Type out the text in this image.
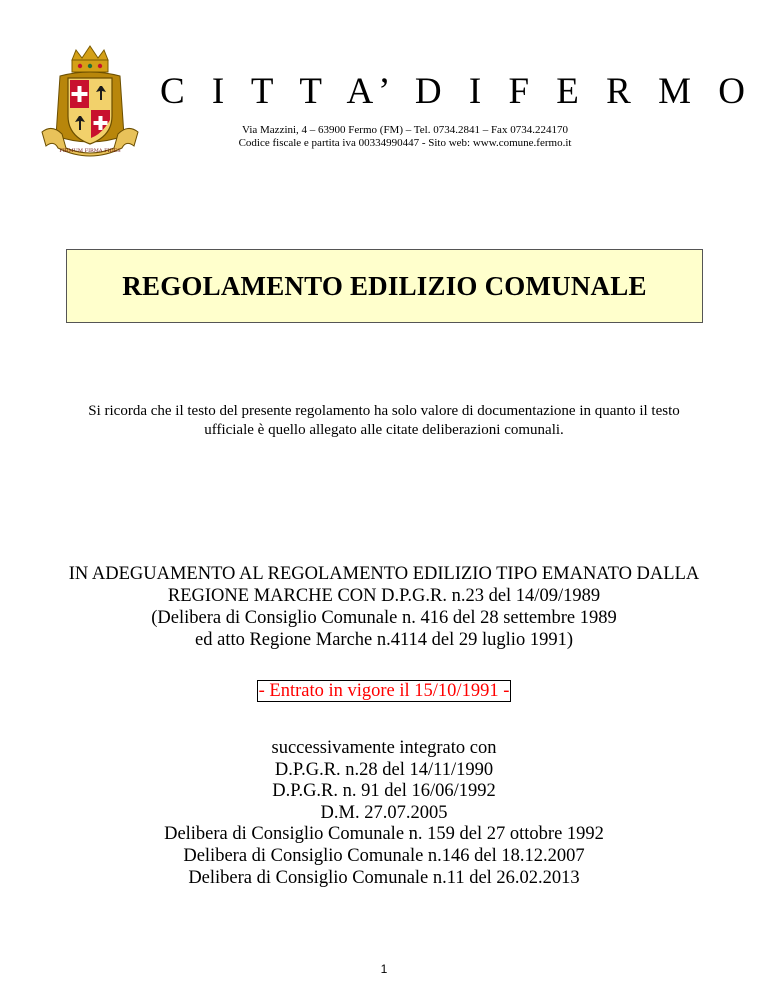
FIRMUM FIRMA FIDES
C I T T A’ D I F E R M O
Via Mazzini, 4 – 63900 Fermo (FM) – Tel. 0734.2841 – Fax 0734.224170
Codice fiscale e partita iva 00334990447 - Sito web: www.comune.fermo.it
REGOLAMENTO EDILIZIO COMUNALE
Si ricorda che il testo del presente regolamento ha solo valore di documentazione in quanto il testo
ufficiale è quello allegato alle citate deliberazioni comunali.
IN ADEGUAMENTO AL REGOLAMENTO EDILIZIO TIPO EMANATO DALLA
REGIONE MARCHE CON D.P.G.R. n.23 del 14/09/1989
(Delibera di Consiglio Comunale n. 416 del 28 settembre 1989
ed atto Regione Marche n.4114 del 29 luglio 1991)
- Entrato in vigore il 15/10/1991 -
successivamente integrato con
D.P.G.R. n.28 del 14/11/1990
D.P.G.R. n. 91 del 16/06/1992
D.M. 27.07.2005
Delibera di Consiglio Comunale n. 159 del 27 ottobre 1992
Delibera di Consiglio Comunale n.146 del 18.12.2007
Delibera di Consiglio Comunale n.11 del 26.02.2013
1
